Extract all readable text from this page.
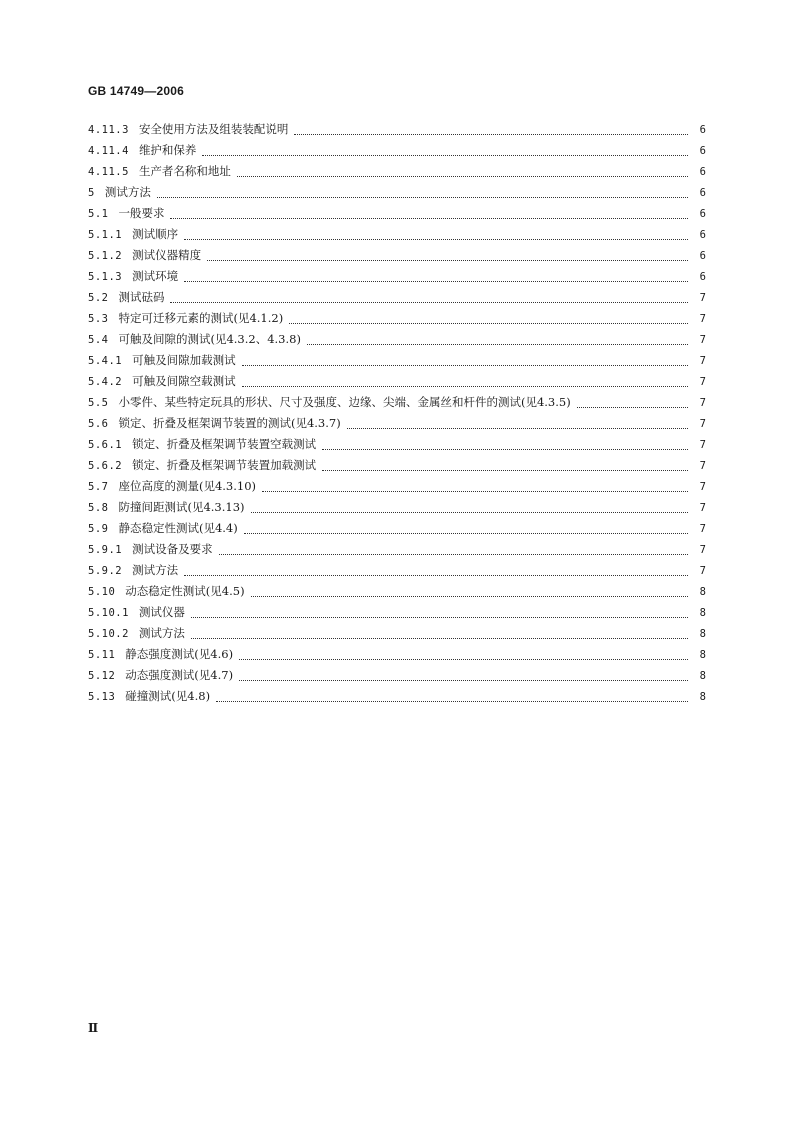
GB 14749—2006
4.11.3 安全使用方法及组装装配说明	6
4.11.4 维护和保养	6
4.11.5 生产者名称和地址	6
5 测试方法	6
5.1 一般要求	6
5.1.1 测试顺序	6
5.1.2 测试仪器精度	6
5.1.3 测试环境	6
5.2 测试砝码	7
5.3 特定可迁移元素的测试(见4.1.2)	7
5.4 可触及间隙的测试(见4.3.2、4.3.8)	7
5.4.1 可触及间隙加载测试	7
5.4.2 可触及间隙空载测试	7
5.5 小零件、某些特定玩具的形状、尺寸及强度、边缘、尖端、金属丝和杆件的测试(见4.3.5)	7
5.6 锁定、折叠及框架调节装置的测试(见4.3.7)	7
5.6.1 锁定、折叠及框架调节装置空载测试	7
5.6.2 锁定、折叠及框架调节装置加载测试	7
5.7 座位高度的测量(见4.3.10)	7
5.8 防撞间距测试(见4.3.13)	7
5.9 静态稳定性测试(见4.4)	7
5.9.1 测试设备及要求	7
5.9.2 测试方法	7
5.10 动态稳定性测试(见4.5)	8
5.10.1 测试仪器	8
5.10.2 测试方法	8
5.11 静态强度测试(见4.6)	8
5.12 动态强度测试(见4.7)	8
5.13 碰撞测试(见4.8)	8
Ⅱ
